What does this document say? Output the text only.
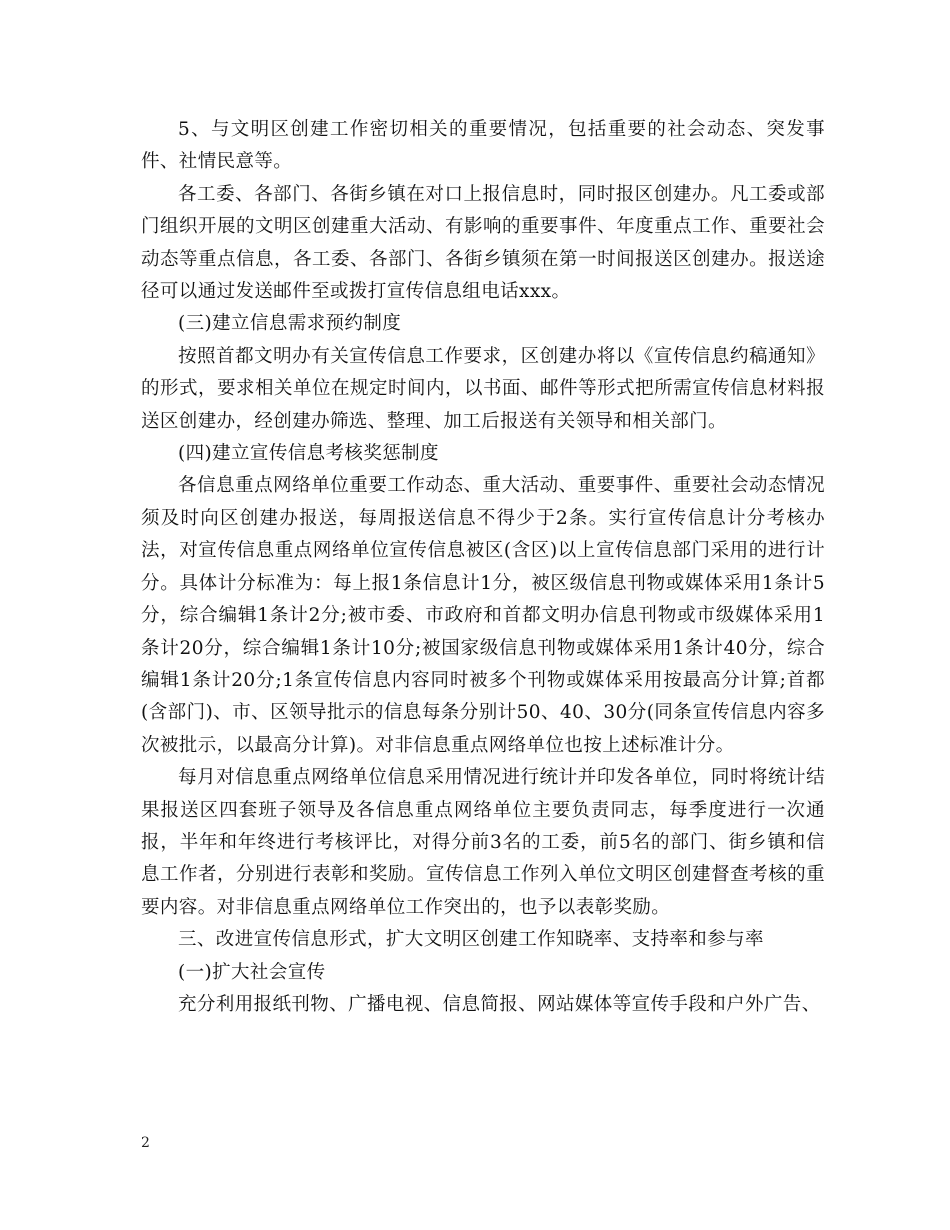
5、与文明区创建工作密切相关的重要情况，包括重要的社会动态、突发事件、社情民意等。

各工委、各部门、各街乡镇在对口上报信息时，同时报区创建办。凡工委或部门组织开展的文明区创建重大活动、有影响的重要事件、年度重点工作、重要社会动态等重点信息，各工委、各部门、各街乡镇须在第一时间报送区创建办。报送途径可以通过发送邮件至或拨打宣传信息组电话xxx。

(三)建立信息需求预约制度

按照首都文明办有关宣传信息工作要求，区创建办将以《宣传信息约稿通知》的形式，要求相关单位在规定时间内，以书面、邮件等形式把所需宣传信息材料报送区创建办，经创建办筛选、整理、加工后报送有关领导和相关部门。

(四)建立宣传信息考核奖惩制度

各信息重点网络单位重要工作动态、重大活动、重要事件、重要社会动态情况须及时向区创建办报送，每周报送信息不得少于2条。实行宣传信息计分考核办法，对宣传信息重点网络单位宣传信息被区(含区)以上宣传信息部门采用的进行计分。具体计分标准为：每上报1条信息计1分，被区级信息刊物或媒体采用1条计5分，综合编辑1条计2分;被市委、市政府和首都文明办信息刊物或市级媒体采用1条计20分，综合编辑1条计10分;被国家级信息刊物或媒体采用1条计40分，综合编辑1条计20分;1条宣传信息内容同时被多个刊物或媒体采用按最高分计算;首都(含部门)、市、区领导批示的信息每条分别计50、40、30分(同条宣传信息内容多次被批示，以最高分计算)。对非信息重点网络单位也按上述标准计分。

每月对信息重点网络单位信息采用情况进行统计并印发各单位，同时将统计结果报送区四套班子领导及各信息重点网络单位主要负责同志，每季度进行一次通报，半年和年终进行考核评比，对得分前3名的工委，前5名的部门、街乡镇和信息工作者，分别进行表彰和奖励。宣传信息工作列入单位文明区创建督查考核的重要内容。对非信息重点网络单位工作突出的，也予以表彰奖励。

三、改进宣传信息形式，扩大文明区创建工作知晓率、支持率和参与率

(一)扩大社会宣传

充分利用报纸刊物、广播电视、信息简报、网站媒体等宣传手段和户外广告、

2
